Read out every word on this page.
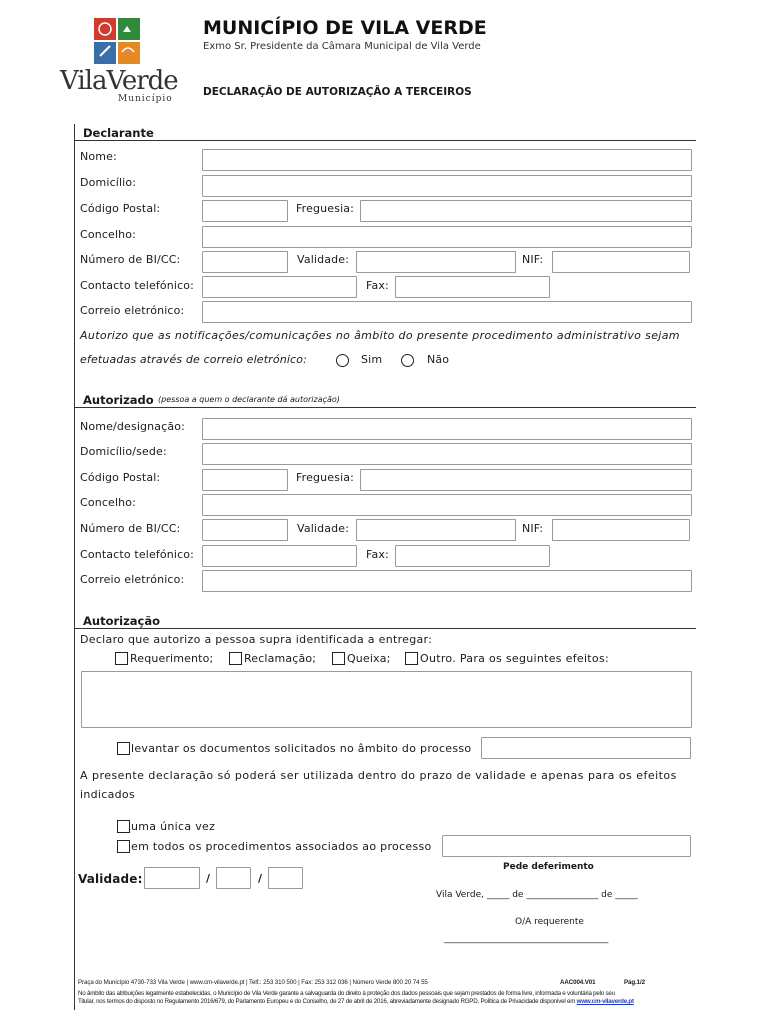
VilaVerde
Município
MUNICÍPIO DE VILA VERDE
Exmo Sr. Presidente da Câmara Municipal de Vila Verde
DECLARAÇÃO DE AUTORIZAÇÃO A TERCEIROS
Declarante
Nome:
Domicílio:
Código Postal:	Freguesia:
Concelho:
Número de BI/CC:	Validade:	NIF:
Contacto telefónico:	Fax:
Correio eletrónico:
Autorizo que as notificações/comunicações no âmbito do presente procedimento administrativo sejam
efetuadas através de correio eletrónico:	Sim	Não
Autorizado (pessoa a quem o declarante dá autorização)
Nome/designação:
Domicílio/sede:
Código Postal:	Freguesia:
Concelho:
Número de BI/CC:	Validade:	NIF:
Contacto telefónico:	Fax:
Correio eletrónico:
Autorização
Declaro que autorizo a pessoa supra identificada a entregar:
Requerimento;	Reclamação;	Queixa;	Outro. Para os seguintes efeitos:
levantar os documentos solicitados no âmbito do processo
A presente declaração só poderá ser utilizada dentro do prazo de validade e apenas para os efeitos
indicados
uma única vez
em todos os procedimentos associados ao processo
Validade:	/	/
Pede deferimento
Vila Verde, _____ de ________________ de _____
O/A requerente
________________________________________
Praça do Município 4730-733 Vila Verde | www.cm-vilaverde.pt | Telf.: 253 310 500 | Fax: 253 312 036 | Número Verde 800 20 74 55	AAC004.V01	Pág.1/2
No âmbito das atribuições legalmente estabelecidas, o Município de Vila Verde garante a salvaguarda do direito à proteção dos dados pessoais que sejam prestados de forma livre, informada e voluntária pelo seu
Titular, nos termos do disposto no Regulamento 2016/679, do Parlamento Europeu e do Conselho, de 27 de abril de 2016, abreviadamente designado RGPD. Política de Privacidade disponível em www.cm-vilaverde.pt
